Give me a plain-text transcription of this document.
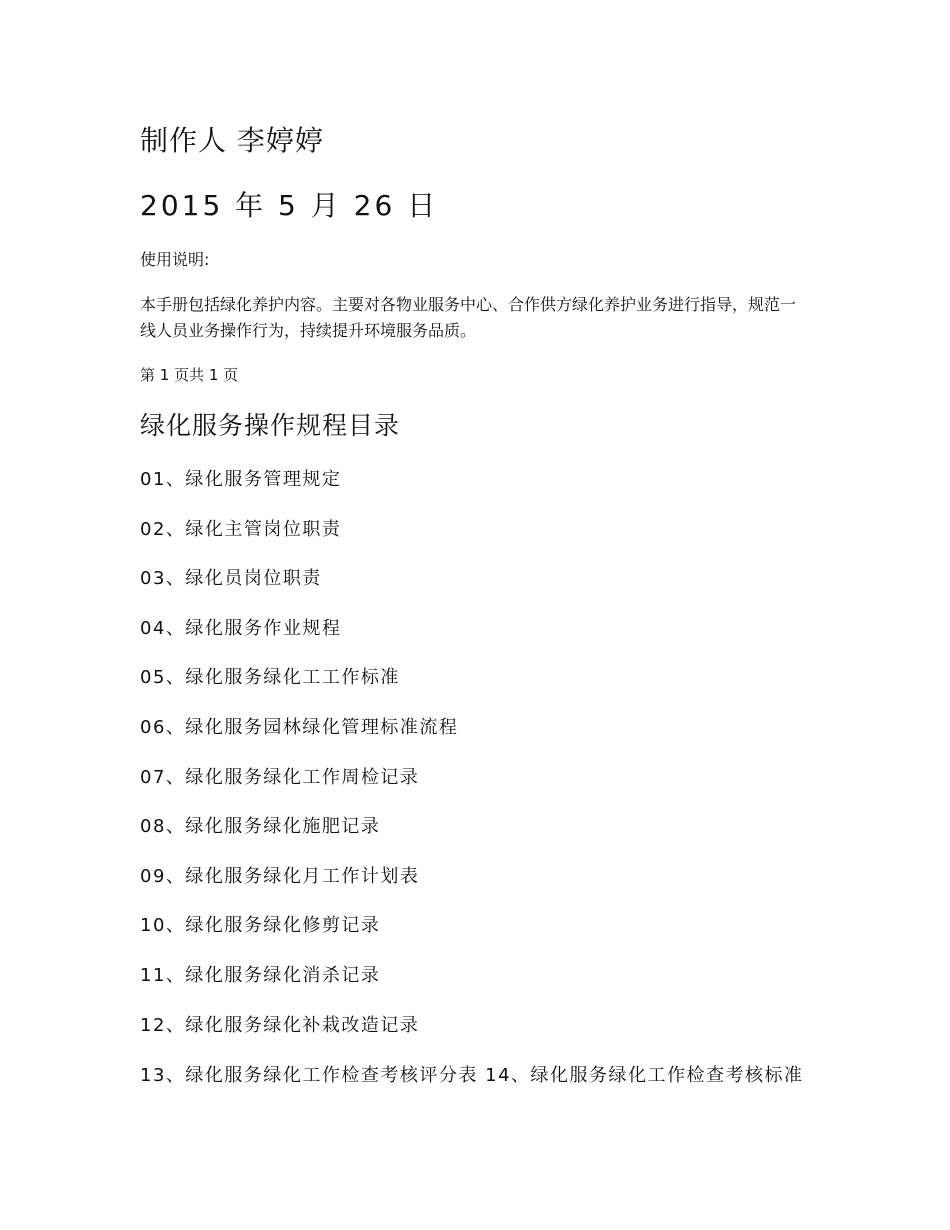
制作人 李婷婷
2015 年 5 月 26 日
使用说明:
本手册包括绿化养护内容。主要对各物业服务中心、合作供方绿化养护业务进行指导，规范一线人员业务操作行为，持续提升环境服务品质。
第 1 页共 1 页
绿化服务操作规程目录
01、绿化服务管理规定
02、绿化主管岗位职责
03、绿化员岗位职责
04、绿化服务作业规程
05、绿化服务绿化工工作标准
06、绿化服务园林绿化管理标准流程
07、绿化服务绿化工作周检记录
08、绿化服务绿化施肥记录
09、绿化服务绿化月工作计划表
10、绿化服务绿化修剪记录
11、绿化服务绿化消杀记录
12、绿化服务绿化补栽改造记录
13、绿化服务绿化工作检查考核评分表 14、绿化服务绿化工作检查考核标准
